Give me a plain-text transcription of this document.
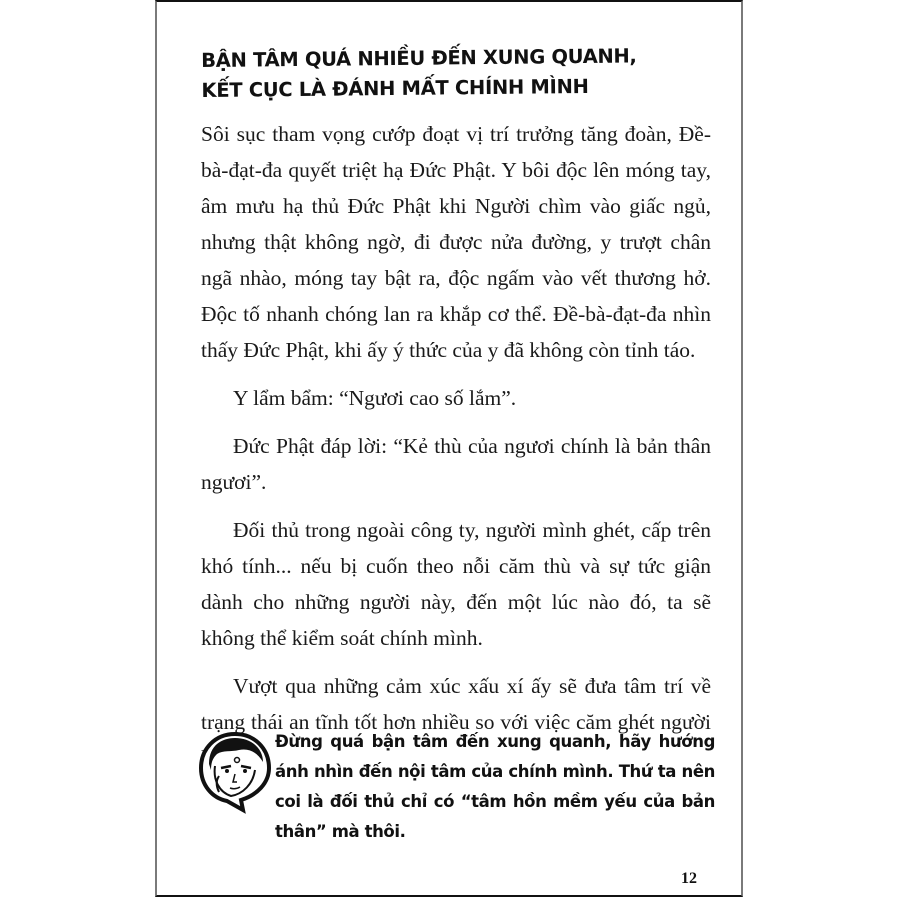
BẬN TÂM QUÁ NHIỀU ĐẾN XUNG QUANH,
KẾT CỤC LÀ ĐÁNH MẤT CHÍNH MÌNH

Sôi sục tham vọng cướp đoạt vị trí trưởng tăng đoàn, Đề-bà-đạt-đa quyết triệt hạ Đức Phật. Y bôi độc lên móng tay, âm mưu hạ thủ Đức Phật khi Người chìm vào giấc ngủ, nhưng thật không ngờ, đi được nửa đường, y trượt chân ngã nhào, móng tay bật ra, độc ngấm vào vết thương hở. Độc tố nhanh chóng lan ra khắp cơ thể. Đề-bà-đạt-đa nhìn thấy Đức Phật, khi ấy ý thức của y đã không còn tỉnh táo.

Y lẩm bẩm: “Ngươi cao số lắm”.

Đức Phật đáp lời: “Kẻ thù của ngươi chính là bản thân ngươi”.

Đối thủ trong ngoài công ty, người mình ghét, cấp trên khó tính... nếu bị cuốn theo nỗi căm thù và sự tức giận dành cho những người này, đến một lúc nào đó, ta sẽ không thể kiểm soát chính mình.

Vượt qua những cảm xúc xấu xí ấy sẽ đưa tâm trí về trạng thái an tĩnh tốt hơn nhiều so với việc căm ghét người

Đừng quá bận tâm đến xung quanh, hãy hướng ánh nhìn đến nội tâm của chính mình. Thứ ta nên coi là đối thủ chỉ có “tâm hồn mềm yếu của bản thân” mà thôi.
12
